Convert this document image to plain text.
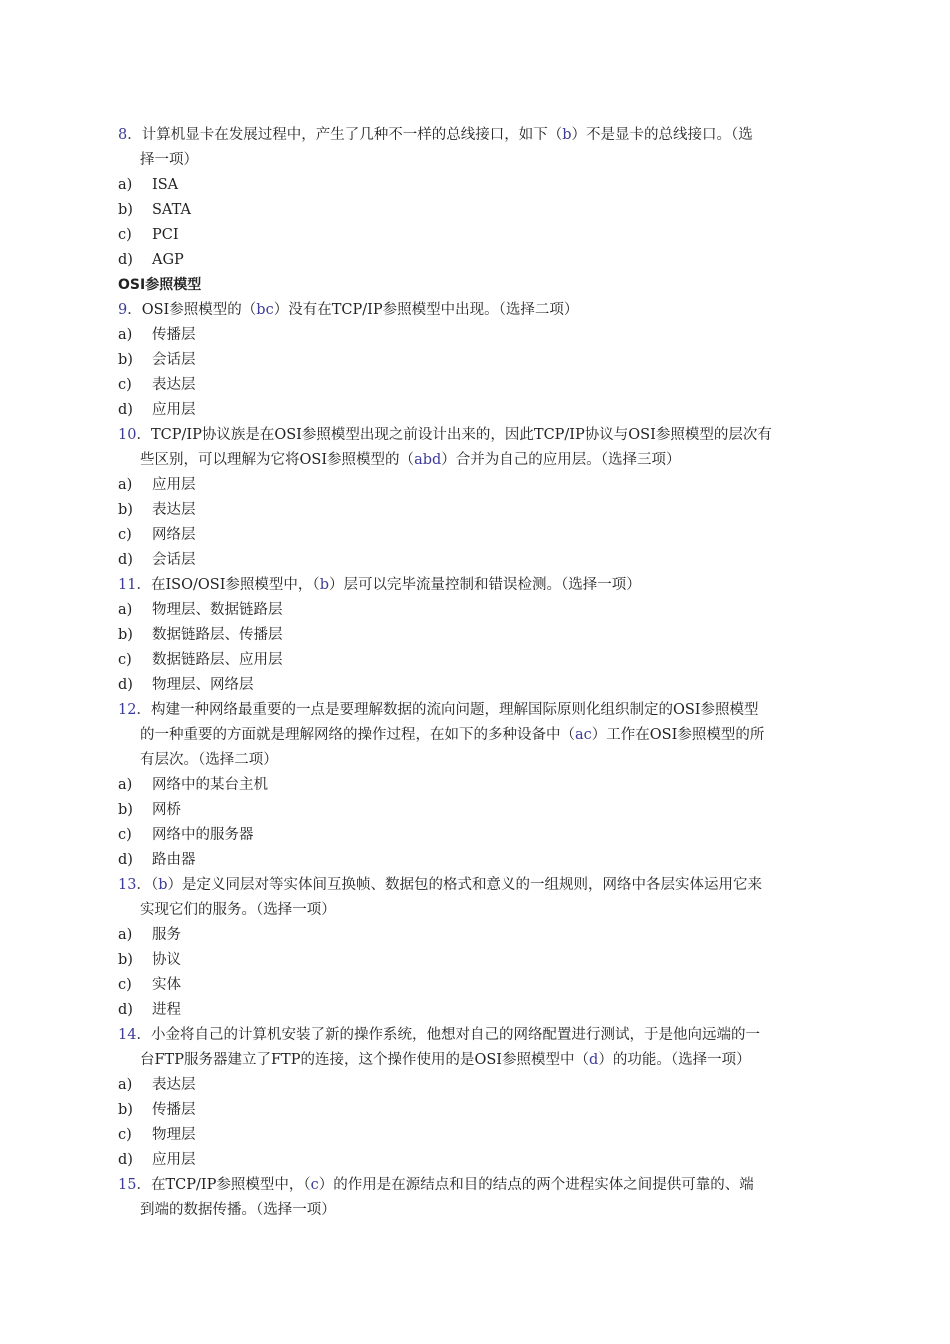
8．计算机显卡在发展过程中，产生了几种不一样的总线接口，如下（b）不是显卡的总线接口。（选
择一项）
a) ISA
b) SATA
c) PCI
d) AGP
OSI参照模型
9．OSI参照模型的（bc）没有在TCP/IP参照模型中出现。（选择二项）
a) 传播层
b) 会话层
c) 表达层
d) 应用层
10．TCP/IP协议族是在OSI参照模型出现之前设计出来的，因此TCP/IP协议与OSI参照模型的层次有
些区别，可以理解为它将OSI参照模型的（abd）合并为自己的应用层。（选择三项）
a) 应用层
b) 表达层
c) 网络层
d) 会话层
11．在ISO/OSI参照模型中，（b）层可以完毕流量控制和错误检测。（选择一项）
a) 物理层、数据链路层
b) 数据链路层、传播层
c) 数据链路层、应用层
d) 物理层、网络层
12．构建一种网络最重要的一点是要理解数据的流向问题，理解国际原则化组织制定的OSI参照模型
的一种重要的方面就是理解网络的操作过程，在如下的多种设备中（ac）工作在OSI参照模型的所
有层次。（选择二项）
a) 网络中的某台主机
b) 网桥
c) 网络中的服务器
d) 路由器
13．（b）是定义同层对等实体间互换帧、数据包的格式和意义的一组规则，网络中各层实体运用它来
实现它们的服务。（选择一项）
a) 服务
b) 协议
c) 实体
d) 进程
14．小金将自己的计算机安装了新的操作系统，他想对自己的网络配置进行测试，于是他向远端的一
台FTP服务器建立了FTP的连接，这个操作使用的是OSI参照模型中（d）的功能。（选择一项）
a) 表达层
b) 传播层
c) 物理层
d) 应用层
15．在TCP/IP参照模型中，（c）的作用是在源结点和目的结点的两个进程实体之间提供可靠的、端
到端的数据传播。（选择一项）
